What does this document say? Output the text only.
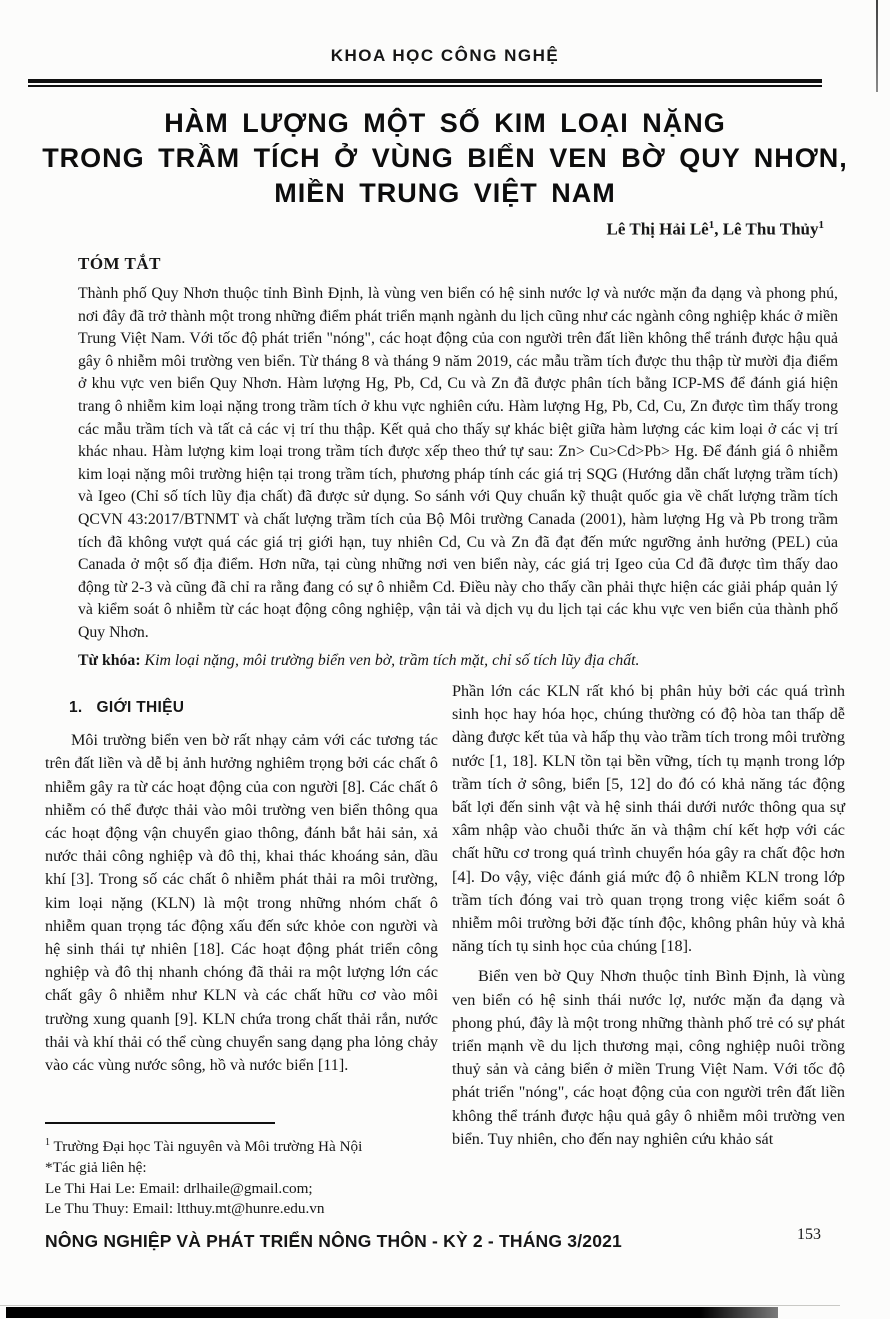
KHOA HỌC CÔNG NGHỆ
HÀM LƯỢNG MỘT SỐ KIM LOẠI NẶNG
TRONG TRẦM TÍCH Ở VÙNG BIỂN VEN BỜ QUY NHƠN,
MIỀN TRUNG VIỆT NAM
Lê Thị Hải $Lê^1$, Lê Thu Thủy$^1$
TÓM TẮT
Thành phố Quy Nhơn thuộc tỉnh Bình Định, là vùng ven biển có hệ sinh nước lợ và nước mặn đa dạng và phong phú, nơi đây đã trở thành một trong những điểm phát triển mạnh ngành du lịch cũng như các ngành công nghiệp khác ở miền Trung Việt Nam. Với tốc độ phát triển "nóng", các hoạt động của con người trên đất liền không thể tránh được hậu quả gây ô nhiễm môi trường ven biển. Từ tháng 8 và tháng 9 năm 2019, các mẫu trầm tích được thu thập từ mười địa điểm ở khu vực ven biển Quy Nhơn. Hàm lượng Hg, Pb, Cd, Cu và Zn đã được phân tích bằng ICP-MS để đánh giá hiện trang ô nhiễm kim loại nặng trong trầm tích ở khu vực nghiên cứu. Hàm lượng Hg, Pb, Cd, Cu, Zn được tìm thấy trong các mẫu trầm tích và tất cả các vị trí thu thập. Kết quả cho thấy sự khác biệt giữa hàm lượng các kim loại ở các vị trí khác nhau. Hàm lượng kim loại trong trầm tích được xếp theo thứ tự sau: Zn> Cu>Cd>Pb> Hg. Để đánh giá ô nhiễm kim loại nặng môi trường hiện tại trong trầm tích, phương pháp tính các giá trị SQG (Hướng dẫn chất lượng trầm tích) và Igeo (Chỉ số tích lũy địa chất) đã được sử dụng. So sánh với Quy chuẩn kỹ thuật quốc gia về chất lượng trầm tích QCVN 43:2017/BTNMT và chất lượng trầm tích của Bộ Môi trường Canada (2001), hàm lượng Hg và Pb trong trầm tích đã không vượt quá các giá trị giới hạn, tuy nhiên Cd, Cu và Zn đã đạt đến mức ngưỡng ảnh hưởng (PEL) của Canada ở một số địa điểm. Hơn nữa, tại cùng những nơi ven biển này, các giá trị Igeo của Cd đã được tìm thấy dao động từ 2-3 và cũng đã chỉ ra rằng đang có sự ô nhiễm Cd. Điều này cho thấy cần phải thực hiện các giải pháp quản lý và kiểm soát ô nhiễm từ các hoạt động công nghiệp, vận tải và dịch vụ du lịch tại các khu vực ven biển của thành phố Quy Nhơn.
Từ khóa: Kim loại nặng, môi trường biển ven bờ, trầm tích mặt, chỉ số tích lũy địa chất.
1. GIỚI THIỆU

Môi trường biển ven bờ rất nhạy cảm với các tương tác trên đất liền và dễ bị ảnh hưởng nghiêm trọng bởi các chất ô nhiễm gây ra từ các hoạt động của con người [8]. Các chất ô nhiễm có thể được thải vào môi trường ven biển thông qua các hoạt động vận chuyển giao thông, đánh bắt hải sản, xả nước thải công nghiệp và đô thị, khai thác khoáng sản, dầu khí [3]. Trong số các chất ô nhiễm phát thải ra môi trường, kim loại nặng (KLN) là một trong những nhóm chất ô nhiễm quan trọng tác động xấu đến sức khỏe con người và hệ sinh thái tự nhiên [18]. Các hoạt động phát triển công nghiệp và đô thị nhanh chóng đã thải ra một lượng lớn các chất gây ô nhiễm như KLN và các chất hữu cơ vào môi trường xung quanh [9]. KLN chứa trong chất thải rắn, nước thải và khí thải có thể cùng chuyển sang dạng pha lỏng chảy vào các vùng nước sông, hồ và nước biển [11].

Phần lớn các KLN rất khó bị phân hủy bởi các quá trình sinh học hay hóa học, chúng thường có độ hòa tan thấp dễ dàng được kết tủa và hấp thụ vào trầm tích trong môi trường nước [1, 18]. KLN tồn tại bền vững, tích tụ mạnh trong lớp trầm tích ở sông, biển [5, 12] do đó có khả năng tác động bất lợi đến sinh vật và hệ sinh thái dưới nước thông qua sự xâm nhập vào chuỗi thức ăn và thậm chí kết hợp với các chất hữu cơ trong quá trình chuyển hóa gây ra chất độc hơn [4]. Do vậy, việc đánh giá mức độ ô nhiễm KLN trong lớp trầm tích đóng vai trò quan trọng trong việc kiểm soát ô nhiễm môi trường bởi đặc tính độc, không phân hủy và khả năng tích tụ sinh học của chúng [18].

Biển ven bờ Quy Nhơn thuộc tỉnh Bình Định, là vùng ven biển có hệ sinh thái nước lợ, nước mặn đa dạng và phong phú, đây là một trong những thành phố trẻ có sự phát triển mạnh về du lịch thương mại, công nghiệp nuôi trồng thuỷ sản và cảng biển ở miền Trung Việt Nam. Với tốc độ phát triển "nóng", các hoạt động của con người trên đất liền không thể tránh được hậu quả gây ô nhiễm môi trường ven biển. Tuy nhiên, cho đến nay nghiên cứu khảo sát

$^1$ Trường Đại học Tài nguyên và Môi trường Hà Nội
*Tác giả liên hệ:
Le Thi Hai Le: Email: drlhaile@gmail.com;
Le Thu Thuy: Email: ltthuy.mt@hunre.edu.vn
NÔNG NGHIỆP VÀ PHÁT TRIỂN NÔNG THÔN - KỲ 2 - THÁNG 3/2021	153
